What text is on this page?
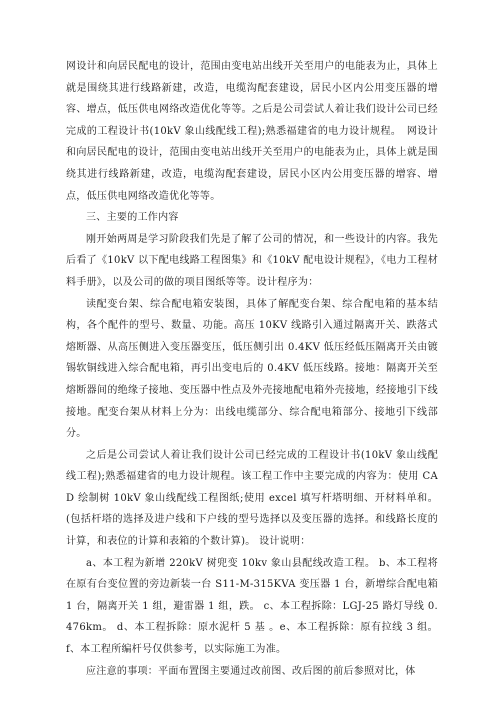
网设计和向居民配电的设计，范围由变电站出线开关至用户的电能表为止，具体上就是围绕其进行线路新建，改造，电缆沟配套建设，居民小区内公用变压器的增容、增点，低压供电网络改造优化等等。之后是公司尝试人着让我们设计公司已经完成的工程设计书(10kV 象山线配线工程);熟悉福建省的电力设计规程。　网设计和向居民配电的设计，范围由变电站出线开关至用户的电能表为止，具体上就是围绕其进行线路新建，改造，电缆沟配套建设，居民小区内公用变压器的增容、增点，低压供电网络改造优化等等。

三、主要的工作内容

刚开始两周是学习阶段我们先是了解了公司的情况，和一些设计的内容。我先后看了《10kV 以下配电线路工程图集》和《10kV 配电设计规程》，《电力工程材料手册》，以及公司的做的项目图纸等等。设计程序为：

读配变台架、综合配电箱安装图，具体了解配变台架、综合配电箱的基本结构，各个配件的型号、数量、功能。高压 10KV 线路引入通过隔离开关、跌落式熔断器、从高压侧进入变压器变压，低压侧引出 0.4KV 低压经低压隔离开关由镀锡软铜线进入综合配电箱，再引出变电后的 0.4KV 低压线路。接地：隔离开关至熔断器间的绝缘子接地、变压器中性点及外壳接地配电箱外壳接地，经接地引下线接地。配变台架从材料上分为：出线电缆部分、综合配电箱部分、接地引下线部分。

之后是公司尝试人着让我们设计公司已经完成的工程设计书(10kV 象山线配线工程);熟悉福建省的电力设计规程。该工程工作中主要完成的内容为：使用 CAD 绘制树 10kV 象山线配线工程图纸;使用 excel 填写杆塔明细、开材料单和。(包括杆塔的选择及进户线和下户线的型号选择以及变压器的选择。和线路长度的计算，和表位的计算和表箱的个数计算)。 设计说明：

a、本工程为新增 220kV 树兜变 10kv 象山县配线改造工程。 b、本工程将在原有台变位置的旁边新装一台 S11-M-315KVA 变压器 1 台，新增综合配电箱 1 台，隔离开关 1 组，避雷器 1 组，跌。 c、本工程拆除：LGJ-25 路灯导线 0.476km。 d、本工程拆除：原水泥杆 5 基 。e、本工程拆除：原有拉线 3 组。 f、本工程所编杆号仅供参考，以实际施工为准。

应注意的事项：平面布置图主要通过改前图、改后图的前后参照对比，体
